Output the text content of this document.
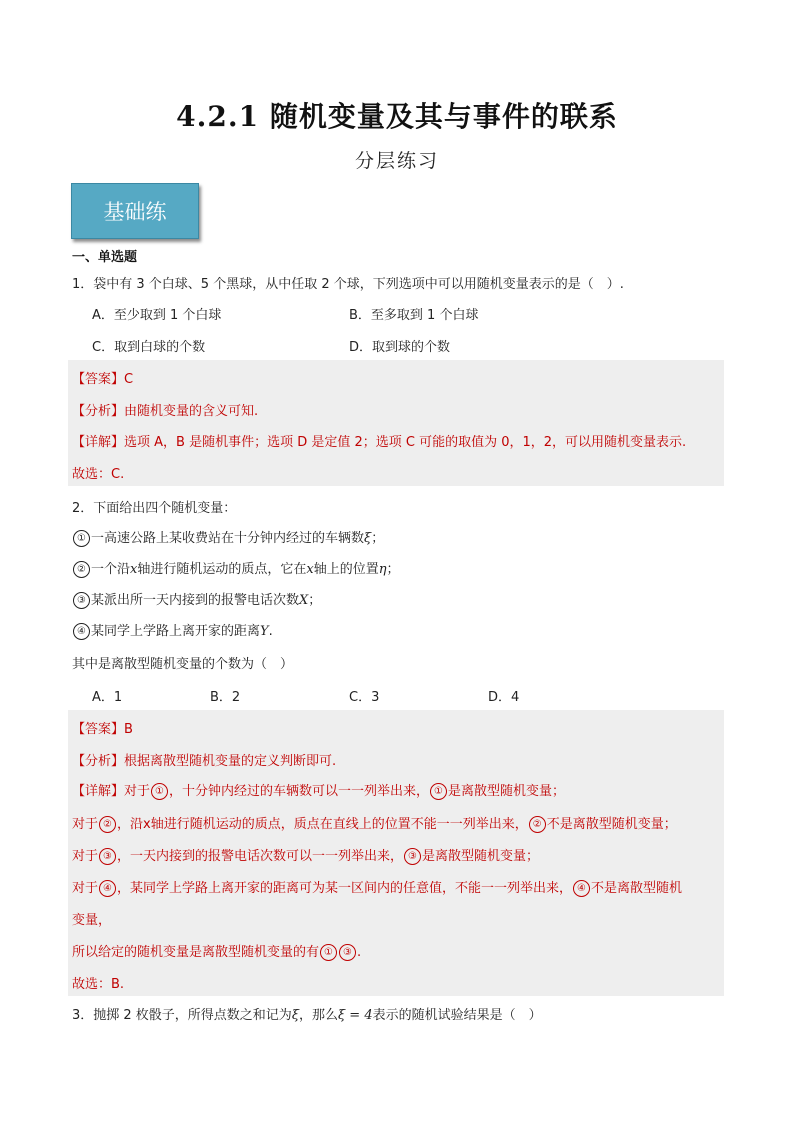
4.2.1 随机变量及其与事件的联系
分层练习
基础练
一、单选题
1．袋中有 3 个白球、5 个黑球，从中任取 2 个球，下列选项中可以用随机变量表示的是（　）.
A．至少取到 1 个白球	B．至多取到 1 个白球
C．取到白球的个数	D．取到球的个数
【答案】C
【分析】由随机变量的含义可知.
【详解】选项 A，B 是随机事件；选项 D 是定值 2；选项 C 可能的取值为 0，1，2，可以用随机变量表示.
故选：C.
2．下面给出四个随机变量：
① 一高速公路上某收费站在十分钟内经过的车辆数ξ；
② 一个沿x轴进行随机运动的质点，它在x轴上的位置η；
③ 某派出所一天内接到的报警电话次数X；
④ 某同学上学路上离开家的距离Y.
其中是离散型随机变量的个数为（　）
A．1	B．2	C．3	D．4
【答案】B
【分析】根据离散型随机变量的定义判断即可.
【详解】对于 ① ，十分钟内经过的车辆数可以一一列举出来， ① 是离散型随机变量；
对于 ② ，沿x轴进行随机运动的质点，质点在直线上的位置不能一一列举出来， ② 不是离散型随机变量；
对于 ③ ，一天内接到的报警电话次数可以一一列举出来， ③ 是离散型随机变量；
对于 ④ ，某同学上学路上离开家的距离可为某一区间内的任意值，不能一一列举出来， ④ 不是离散型随机
变量，
所以给定的随机变量是离散型随机变量的有 ① ③ .
故选：B.
3．抛掷 2 枚骰子，所得点数之和记为ξ，那么ξ = 4表示的随机试验结果是（　）
